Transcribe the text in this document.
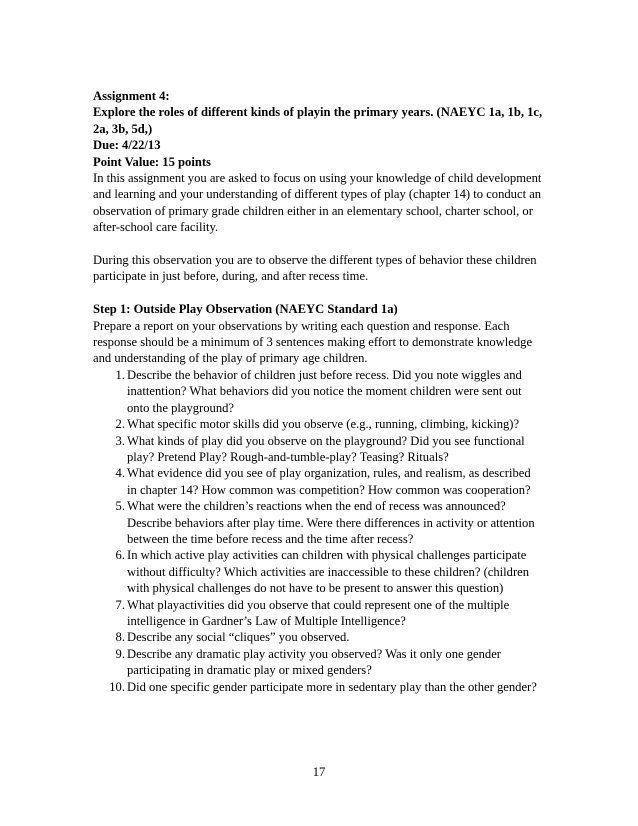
Assignment 4:

Explore the roles of different kinds of playin the primary years. (NAEYC 1a, 1b, 1c,

2a, 3b, 5d,)

Due: 4/22/13

Point Value: 15 points

In this assignment you are asked to focus on using your knowledge of child development

and learning and your understanding of different types of play (chapter 14) to conduct an

observation of primary grade children either in an elementary school, charter school, or

after-school care facility.

During this observation you are to observe the different types of behavior these children

participate in just before, during, and after recess time.

Step 1: Outside Play Observation (NAEYC Standard 1a)

Prepare a report on your observations by writing each question and response. Each

response should be a minimum of 3 sentences making effort to demonstrate knowledge

and understanding of the play of primary age children.

1. Describe the behavior of children just before recess. Did you note wiggles and

inattention? What behaviors did you notice the moment children were sent out

onto the playground?

2. What specific motor skills did you observe (e.g., running, climbing, kicking)?

3. What kinds of play did you observe on the playground? Did you see functional

play? Pretend Play? Rough-and-tumble-play? Teasing? Rituals?

4. What evidence did you see of play organization, rules, and realism, as described

in chapter 14? How common was competition? How common was cooperation?

5. What were the children’s reactions when the end of recess was announced?

Describe behaviors after play time. Were there differences in activity or attention

between the time before recess and the time after recess?

6. In which active play activities can children with physical challenges participate

without difficulty? Which activities are inaccessible to these children? (children

with physical challenges do not have to be present to answer this question)

7. What playactivities did you observe that could represent one of the multiple

intelligence in Gardner’s Law of Multiple Intelligence?

8. Describe any social “cliques” you observed.

9. Describe any dramatic play activity you observed? Was it only one gender

participating in dramatic play or mixed genders?

10. Did one specific gender participate more in sedentary play than the other gender?

17
